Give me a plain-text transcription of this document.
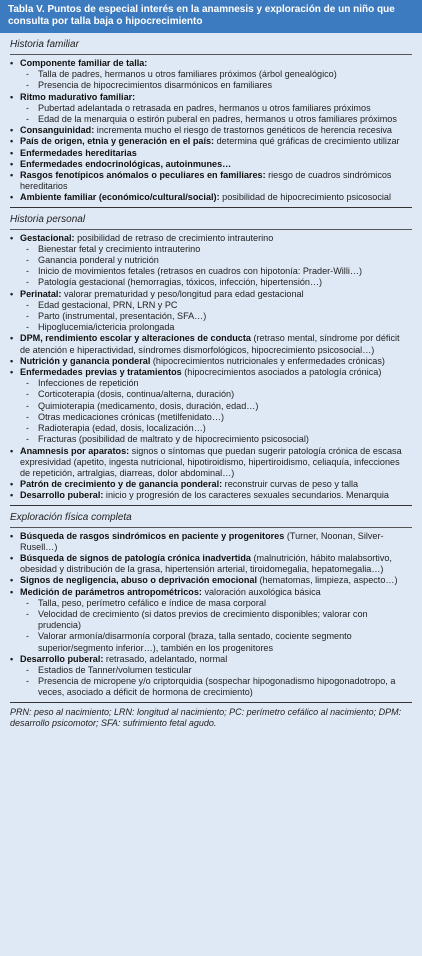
Tabla V. Puntos de especial interés en la anamnesis y exploración de un niño que consulta por talla baja o hipocrecimiento
Historia familiar
• Componente familiar de talla:
- Talla de padres, hermanos u otros familiares próximos (árbol genealógico)
- Presencia de hipocrecimientos disarmónicos en familiares
• Ritmo madurativo familiar:
- Pubertad adelantada o retrasada en padres, hermanos u otros familiares próximos
- Edad de la menarquia o estirón puberal en padres, hermanos u otros familiares próximos
• Consanguinidad: incrementa mucho el riesgo de trastornos genéticos de herencia recesiva
• País de origen, etnia y generación en el país: determina qué gráficas de crecimiento utilizar
• Enfermedades hereditarias
• Enfermedades endocrinológicas, autoinmunes…
• Rasgos fenotípicos anómalos o peculiares en familiares: riesgo de cuadros sindrómicos hereditarios
• Ambiente familiar (económico/cultural/social): posibilidad de hipocrecimiento psicosocial
Historia personal
• Gestacional: posibilidad de retraso de crecimiento intrauterino
- Bienestar fetal y crecimiento intrauterino
- Ganancia ponderal y nutrición
- Inicio de movimientos fetales (retrasos en cuadros con hipotonía: Prader-Willi…)
- Patología gestacional (hemorragias, tóxicos, infección, hipertensión…)
• Perinatal: valorar prematuridad y peso/longitud para edad gestacional
- Edad gestacional, PRN, LRN y PC
- Parto (instrumental, presentación, SFA…)
- Hipoglucemia/ictericia prolongada
• DPM, rendimiento escolar y alteraciones de conducta (retraso mental, síndrome por déficit de atención e hiperactividad, síndromes dismorfológicos, hipocrecimiento psicosocial…)
• Nutrición y ganancia ponderal (hipocrecimientos nutricionales y enfermedades crónicas)
• Enfermedades previas y tratamientos (hipocrecimientos asociados a patología crónica)
- Infecciones de repetición
- Corticoterapia (dosis, continua/alterna, duración)
- Quimioterapia (medicamento, dosis, duración, edad…)
- Otras medicaciones crónicas (metilfenidato…)
- Radioterapia (edad, dosis, localización…)
- Fracturas (posibilidad de maltrato y de hipocrecimiento psicosocial)
• Anamnesis por aparatos: signos o síntomas que puedan sugerir patología crónica de escasa expresividad (apetito, ingesta nutricional, hipotiroidismo, hipertiroidismo, celiaquía, infecciones de repetición, artralgias, diarreas, dolor abdominal…)
• Patrón de crecimiento y de ganancia ponderal: reconstruir curvas de peso y talla
• Desarrollo puberal: inicio y progresión de los caracteres sexuales secundarios. Menarquia
Exploración física completa
• Búsqueda de rasgos sindrómicos en paciente y progenitores (Turner, Noonan, Silver-Rusell…)
• Búsqueda de signos de patología crónica inadvertida (malnutrición, hábito malabsortivo, obesidad y distribución de la grasa, hipertensión arterial, tiroidomegalia, hepatomegalia…)
• Signos de negligencia, abuso o deprivación emocional (hematomas, limpieza, aspecto…)
• Medición de parámetros antropométricos: valoración auxológica básica
- Talla, peso, perímetro cefálico e índice de masa corporal
- Velocidad de crecimiento (si datos previos de crecimiento disponibles; valorar con prudencia)
- Valorar armonía/disarmonía corporal (braza, talla sentado, cociente segmento superior/segmento inferior…), también en los progenitores
• Desarrollo puberal: retrasado, adelantado, normal
- Estadios de Tanner/volumen testicular
- Presencia de micropene y/o criptorquidia (sospechar hipogonadismo hipogonadotropo, a veces, asociado a déficit de hormona de crecimiento)
PRN: peso al nacimiento; LRN: longitud al nacimiento; PC: perímetro cefálico al nacimiento; DPM: desarrollo psicomotor; SFA: sufrimiento fetal agudo.
